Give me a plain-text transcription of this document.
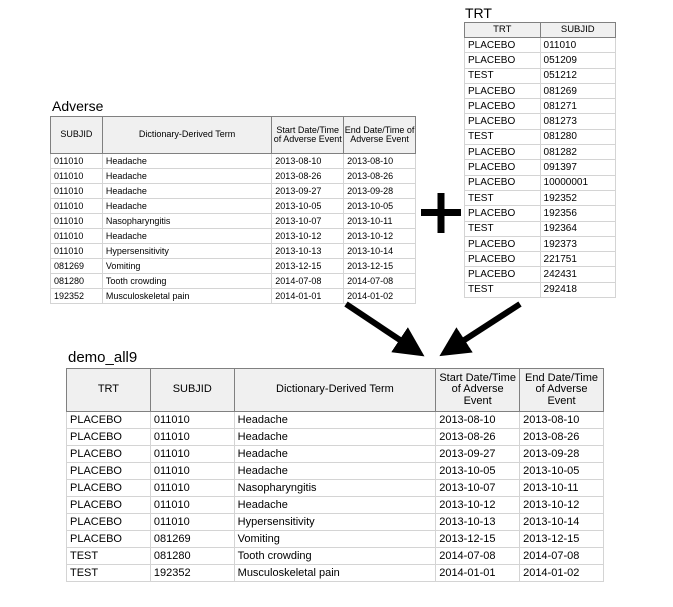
Adverse
SUBJID	Dictionary-Derived Term	Start Date/Time of Adverse Event	End Date/Time of Adverse Event
011010	Headache	2013-08-10	2013-08-10
011010	Headache	2013-08-26	2013-08-26
011010	Headache	2013-09-27	2013-09-28
011010	Headache	2013-10-05	2013-10-05
011010	Nasopharyngitis	2013-10-07	2013-10-11
011010	Headache	2013-10-12	2013-10-12
011010	Hypersensitivity	2013-10-13	2013-10-14
081269	Vomiting	2013-12-15	2013-12-15
081280	Tooth crowding	2014-07-08	2014-07-08
192352	Musculoskeletal pain	2014-01-01	2014-01-02
TRT
TRT	SUBJID
PLACEBO	011010
PLACEBO	051209
TEST	051212
PLACEBO	081269
PLACEBO	081271
PLACEBO	081273
TEST	081280
PLACEBO	081282
PLACEBO	091397
PLACEBO	10000001
TEST	192352
PLACEBO	192356
TEST	192364
PLACEBO	192373
PLACEBO	221751
PLACEBO	242431
TEST	292418
demo_all9
TRT	SUBJID	Dictionary-Derived Term	Start Date/Time of Adverse Event	End Date/Time of Adverse Event
PLACEBO	011010	Headache	2013-08-10	2013-08-10
PLACEBO	011010	Headache	2013-08-26	2013-08-26
PLACEBO	011010	Headache	2013-09-27	2013-09-28
PLACEBO	011010	Headache	2013-10-05	2013-10-05
PLACEBO	011010	Nasopharyngitis	2013-10-07	2013-10-11
PLACEBO	011010	Headache	2013-10-12	2013-10-12
PLACEBO	011010	Hypersensitivity	2013-10-13	2013-10-14
PLACEBO	081269	Vomiting	2013-12-15	2013-12-15
TEST	081280	Tooth crowding	2014-07-08	2014-07-08
TEST	192352	Musculoskeletal pain	2014-01-01	2014-01-02
